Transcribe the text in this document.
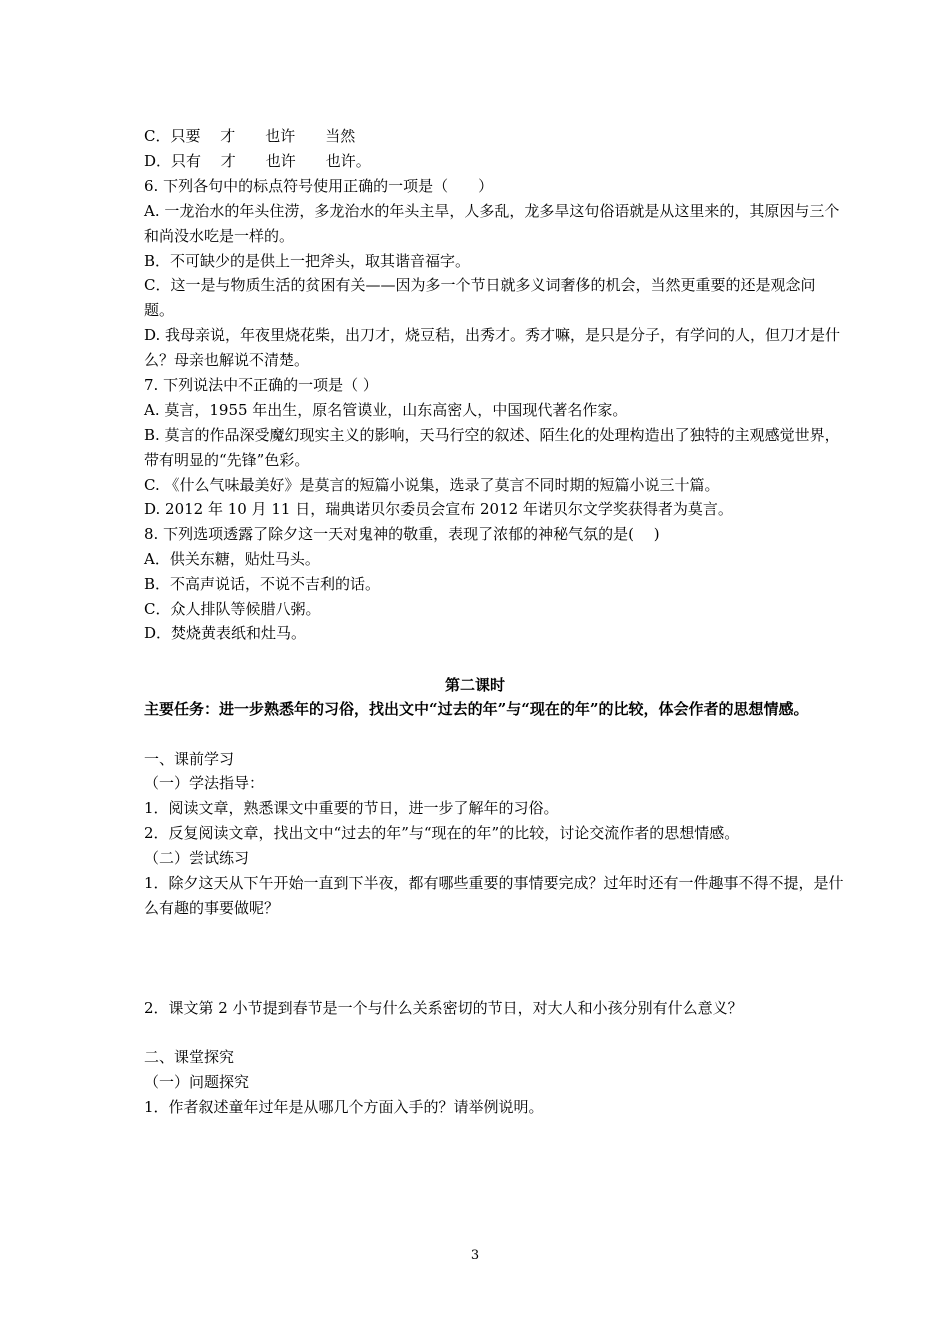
C．只要　 才　　也许　　当然
D．只有　 才　　也许　　也许。
6. 下列各句中的标点符号使用正确的一项是（　　）
A. 一龙治水的年头住涝，多龙治水的年头主旱，人多乱，龙多旱这句俗语就是从这里来的，其原因与三个和尚没水吃是一样的。
B．不可缺少的是供上一把斧头，取其谐音福字。
C．这一是与物质生活的贫困有关——因为多一个节日就多义词奢侈的机会，当然更重要的还是观念问题。
D. 我母亲说，年夜里烧花柴，出刀才，烧豆秸，出秀才。秀才嘛，是只是分子，有学问的人，但刀才是什么？母亲也解说不清楚。
7. 下列说法中不正确的一项是（ ）
A. 莫言，1955 年出生，原名管谟业，山东高密人，中国现代著名作家。
B. 莫言的作品深受魔幻现实主义的影响，天马行空的叙述、陌生化的处理构造出了独特的主观感觉世界，带有明显的“先锋”色彩。
C. 《什么气味最美好》是莫言的短篇小说集，选录了莫言不同时期的短篇小说三十篇。
D. 2012 年 10 月 11 日，瑞典诺贝尔委员会宣布 2012 年诺贝尔文学奖获得者为莫言。
8. 下列选项透露了除夕这一天对鬼神的敬重，表现了浓郁的神秘气氛的是(　 )
A．供关东糖，贴灶马头。
B．不高声说话，不说不吉利的话。
C．众人排队等候腊八粥。
D．焚烧黄表纸和灶马。
第二课时
主要任务：进一步熟悉年的习俗，找出文中“过去的年”与“现在的年”的比较，体会作者的思想情感。
一、课前学习
（一）学法指导：
1．阅读文章，熟悉课文中重要的节日，进一步了解年的习俗。
2．反复阅读文章，找出文中“过去的年”与“现在的年”的比较，讨论交流作者的思想情感。
（二）尝试练习
1．除夕这天从下午开始一直到下半夜，都有哪些重要的事情要完成？过年时还有一件趣事不得不提，是什么有趣的事要做呢？
2．课文第 2 小节提到春节是一个与什么关系密切的节日，对大人和小孩分别有什么意义？
二、课堂探究
（一）问题探究
1．作者叙述童年过年是从哪几个方面入手的？请举例说明。
3
